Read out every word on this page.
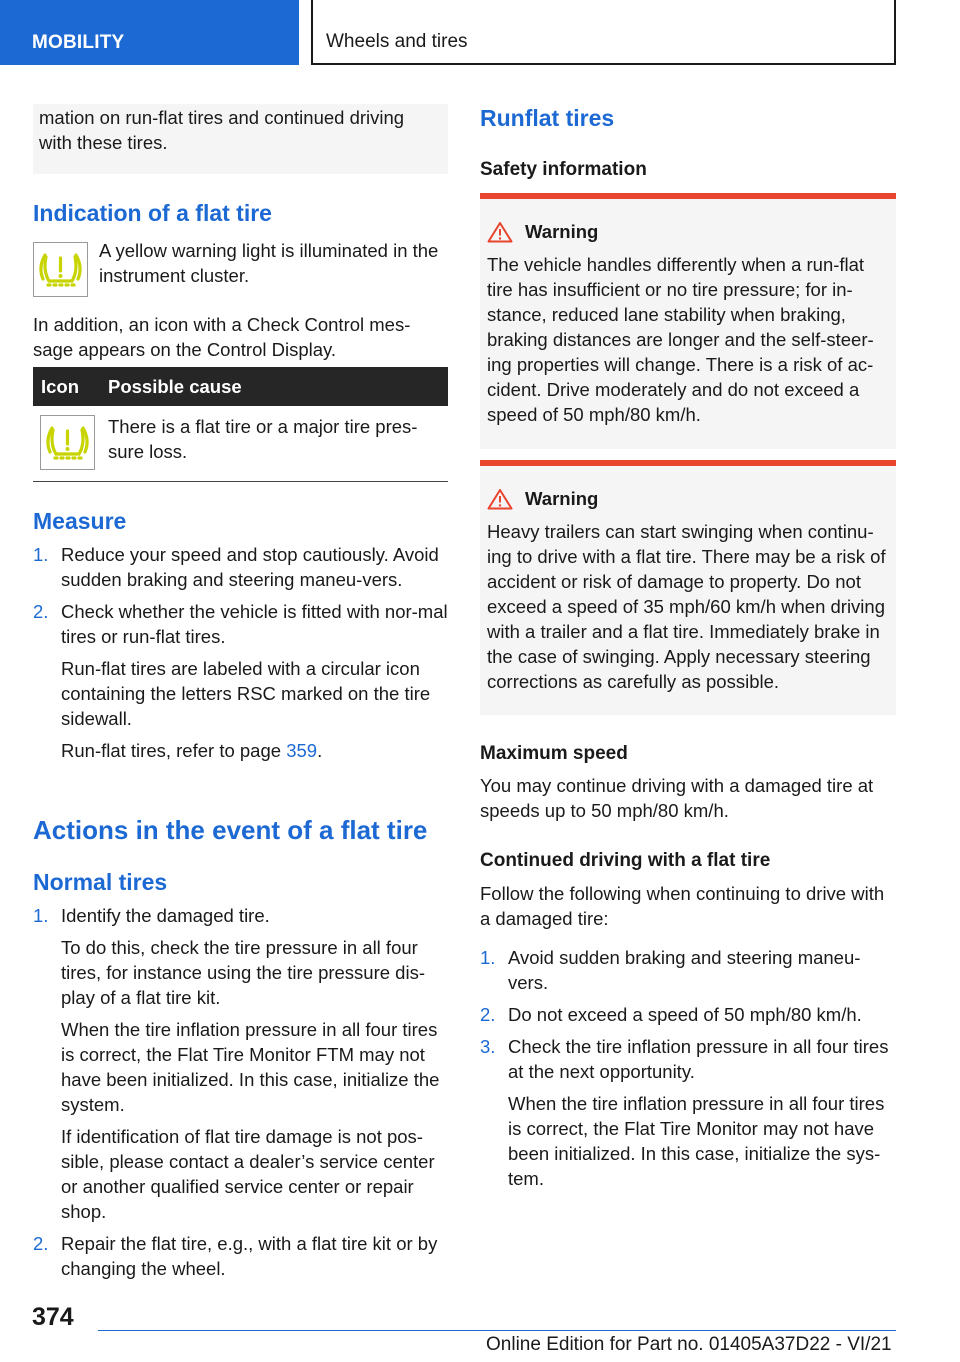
MOBILITY	Wheels and tires

mation on run-flat tires and continued driving with these tires.

Indication of a flat tire

A yellow warning light is illuminated in the instrument cluster.

In addition, an icon with a Check Control mes-sage appears on the Control Display.

Icon Possible cause

There is a flat tire or a major tire pres-sure loss.

Measure
1. Reduce your speed and stop cautiously. Avoid sudden braking and steering maneu-vers.

2. Check whether the vehicle is fitted with nor-mal tires or run-flat tires.

Run-flat tires are labeled with a circular icon containing the letters RSC marked on the tire sidewall.

Run-flat tires, refer to page 359.

Actions in the event of a flat tire
Normal tires
1. Identify the damaged tire.

To do this, check the tire pressure in all four tires, for instance using the tire pressure dis-play of a flat tire kit.

When the tire inflation pressure in all four tires is correct, the Flat Tire Monitor FTM may not have been initialized. In this case, initialize the system.

If identification of flat tire damage is not pos-sible, please contact a dealer’s service center or another qualified service center or repair shop.

2. Repair the flat tire, e.g., with a flat tire kit or by changing the wheel.

Runflat tires
Safety information
Warning

The vehicle handles differently when a run-flat tire has insufficient or no tire pressure; for in-stance, reduced lane stability when braking, braking distances are longer and the self-steer-ing properties will change. There is a risk of ac-cident. Drive moderately and do not exceed a speed of 50 mph/80 km/h.

Warning

Heavy trailers can start swinging when continu-ing to drive with a flat tire. There may be a risk of accident or risk of damage to property. Do not exceed a speed of 35 mph/60 km/h when driving with a trailer and a flat tire. Immediately brake in the case of swinging. Apply necessary steering corrections as carefully as possible.

Maximum speed

You may continue driving with a damaged tire at speeds up to 50 mph/80 km/h.

Continued driving with a flat tire

Follow the following when continuing to drive with a damaged tire:

1. Avoid sudden braking and steering maneu-vers.

2. Do not exceed a speed of 50 mph/80 km/h.

3. Check the tire inflation pressure in all four tires at the next opportunity.

When the tire inflation pressure in all four tires is correct, the Flat Tire Monitor may not have been initialized. In this case, initialize the sys-tem.

374
Online Edition for Part no. 01405A37D22 - VI/21
